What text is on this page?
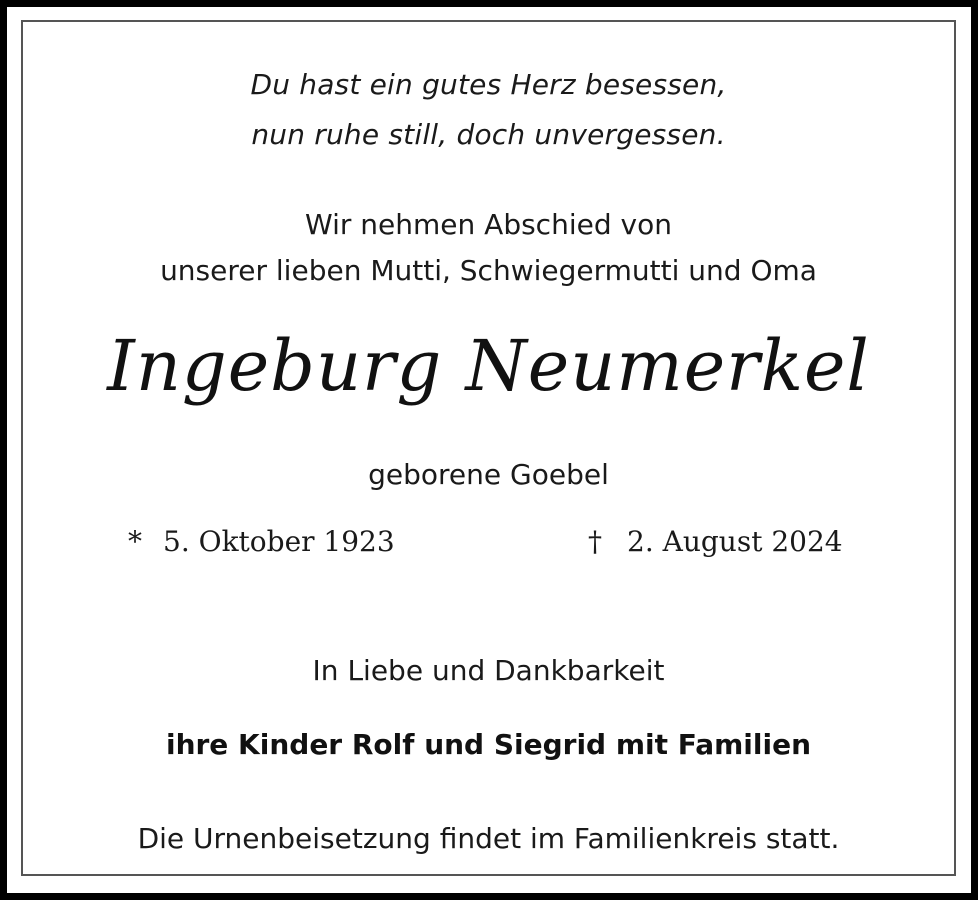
Du hast ein gutes Herz besessen,
nun ruhe still, doch unvergessen.
Wir nehmen Abschied von
unserer lieben Mutti, Schwiegermutti und Oma
Ingeburg Neumerkel
geborene Goebel
* 5. Oktober 1923	† 2. August 2024
In Liebe und Dankbarkeit
ihre Kinder Rolf und Siegrid mit Familien
Die Urnenbeisetzung findet im Familienkreis statt.
